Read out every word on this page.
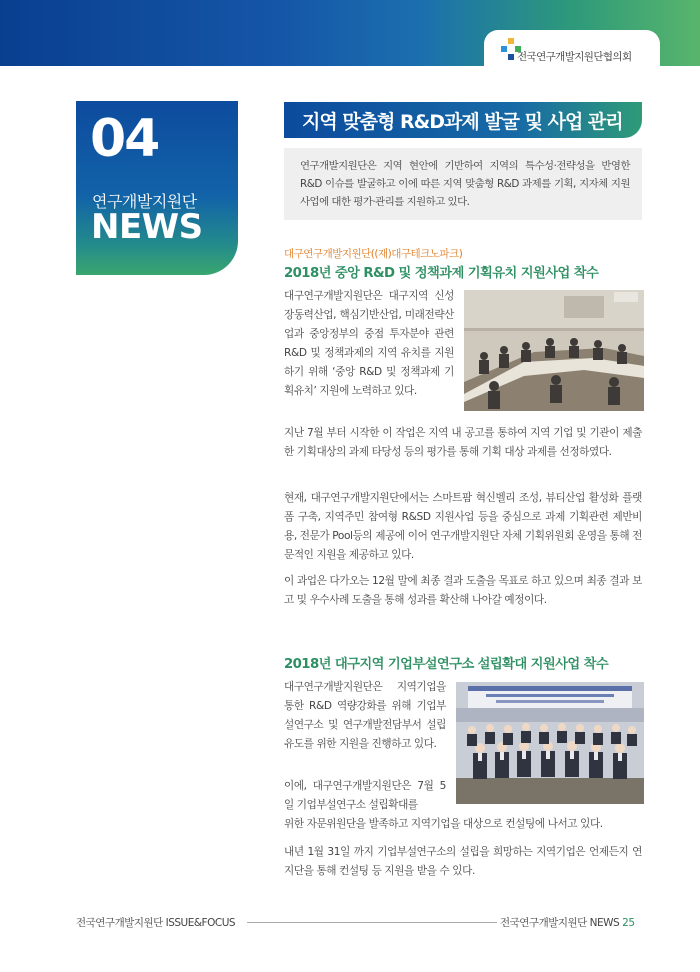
전국연구개발지원단협의회
04
연구개발지원단
NEWS
지역 맞춤형 R&D과제 발굴 및 사업 관리

연구개발지원단은 지역 현안에 기반하여 지역의 특수성·전략성을 반영한 R&D 이슈를 발굴하고 이에 따른 지역 맞춤형 R&D 과제를 기획, 지자체 지원사업에 대한 평가·관리를 지원하고 있다.

대구연구개발지원단((재)대구테크노파크)
2018년 중앙 R&D 및 정책과제 기획유치 지원사업 착수

대구연구개발지원단은 대구지역 신성장동력산업, 핵심기반산업, 미래전략산업과 중앙정부의 중점 투자분야 관련 R&D 및 정책과제의 지역 유치를 지원하기 위해 ‘중앙 R&D 및 정책과제 기획유치’ 지원에 노력하고 있다.

지난 7월 부터 시작한 이 작업은 지역 내 공고를 통하여 지역 기업 및 기관이 제출한 기획대상의 과제 타당성 등의 평가를 통해 기획 대상 과제를 선정하였다.

현재, 대구연구개발지원단에서는 스마트팜 혁신벨리 조성, 뷰티산업 활성화 플랫폼 구축, 지역주민 참여형 R&SD 지원사업 등을 중심으로 과제 기획관련 제반비용, 전문가 Pool등의 제공에 이어 연구개발지원단 자체 기획위원회 운영을 통해 전문적인 지원을 제공하고 있다.

이 과업은 다가오는 12월 말에 최종 결과 도출을 목표로 하고 있으며 최종 결과 보고 및 우수사례 도출을 통해 성과를 확산해 나아갈 예정이다.

2018년 대구지역 기업부설연구소 설립확대 지원사업 착수

대구연구개발지원단은 지역기업을 통한 R&D 역량강화를 위해 기업부설연구소 및 연구개발전담부서 설립 유도를 위한 지원을 진행하고 있다.

이에, 대구연구개발지원단은 7월 5일 기업부설연구소 설립확대를

위한 자문위원단을 발족하고 지역기업을 대상으로 컨설팅에 나서고 있다.

내년 1월 31일 까지 기업부설연구소의 설립을 희망하는 지역기업은 언제든지 연지단을 통해 컨설팅 등 지원을 받을 수 있다.

전국연구개발지원단 ISSUE&FOCUS	전국연구개발지원단 NEWS 25
